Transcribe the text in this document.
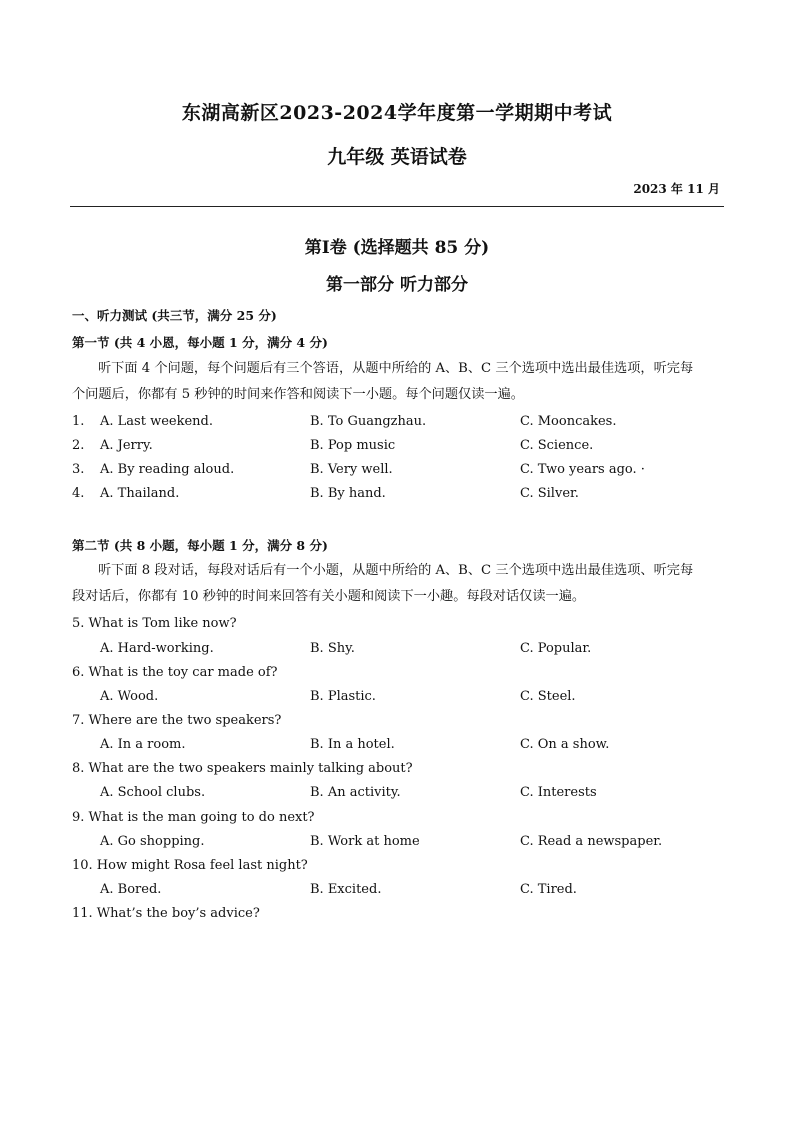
东湖高新区2023-2024学年度第一学期期中考试
九年级 英语试卷
2023 年 11 月
第Ⅰ卷 (选择题共 85 分)
第一部分 听力部分
一、听力测试 (共三节，满分 25 分)
第一节 (共 4 小恩，每小题 1 分，满分 4 分)
听下面 4 个问题，每个问题后有三个答语，从题中所给的 A、B、C 三个选项中选出最佳选项，听完每
个问题后，你都有 5 秒钟的时间来作答和阅读下一小题。每个问题仅读一遍。
1. A. Last weekend.	B. To Guangzhau.	C. Mooncakes.
2. A. Jerry.	B. Pop music	C. Science.
3. A. By reading aloud.	B. Very well.	C. Two years ago. ·
4. A. Thailand.	B. By hand.	C. Silver.
第二节 (共 8 小题，每小题 1 分，满分 8 分)
听下面 8 段对话，每段对话后有一个小题，从题中所给的 A、B、C 三个选项中选出最佳选项、听完每
段对话后，你都有 10 秒钟的时间来回答有关小题和阅读下一小趣。每段对话仅读一遍。
5. What is Tom like now?
A. Hard-working.	B. Shy.	C. Popular.
6. What is the toy car made of?
A. Wood.	B. Plastic.	C. Steel.
7. Where are the two speakers?
A. In a room.	B. In a hotel.	C. On a show.
8. What are the two speakers mainly talking about?
A. School clubs.	B. An activity.	C. Interests
9. What is the man going to do next?
A. Go shopping.	B. Work at home	C. Read a newspaper.
10. How might Rosa feel last night?
A. Bored.	B. Excited.	C. Tired.
11. What’s the boy’s advice?
